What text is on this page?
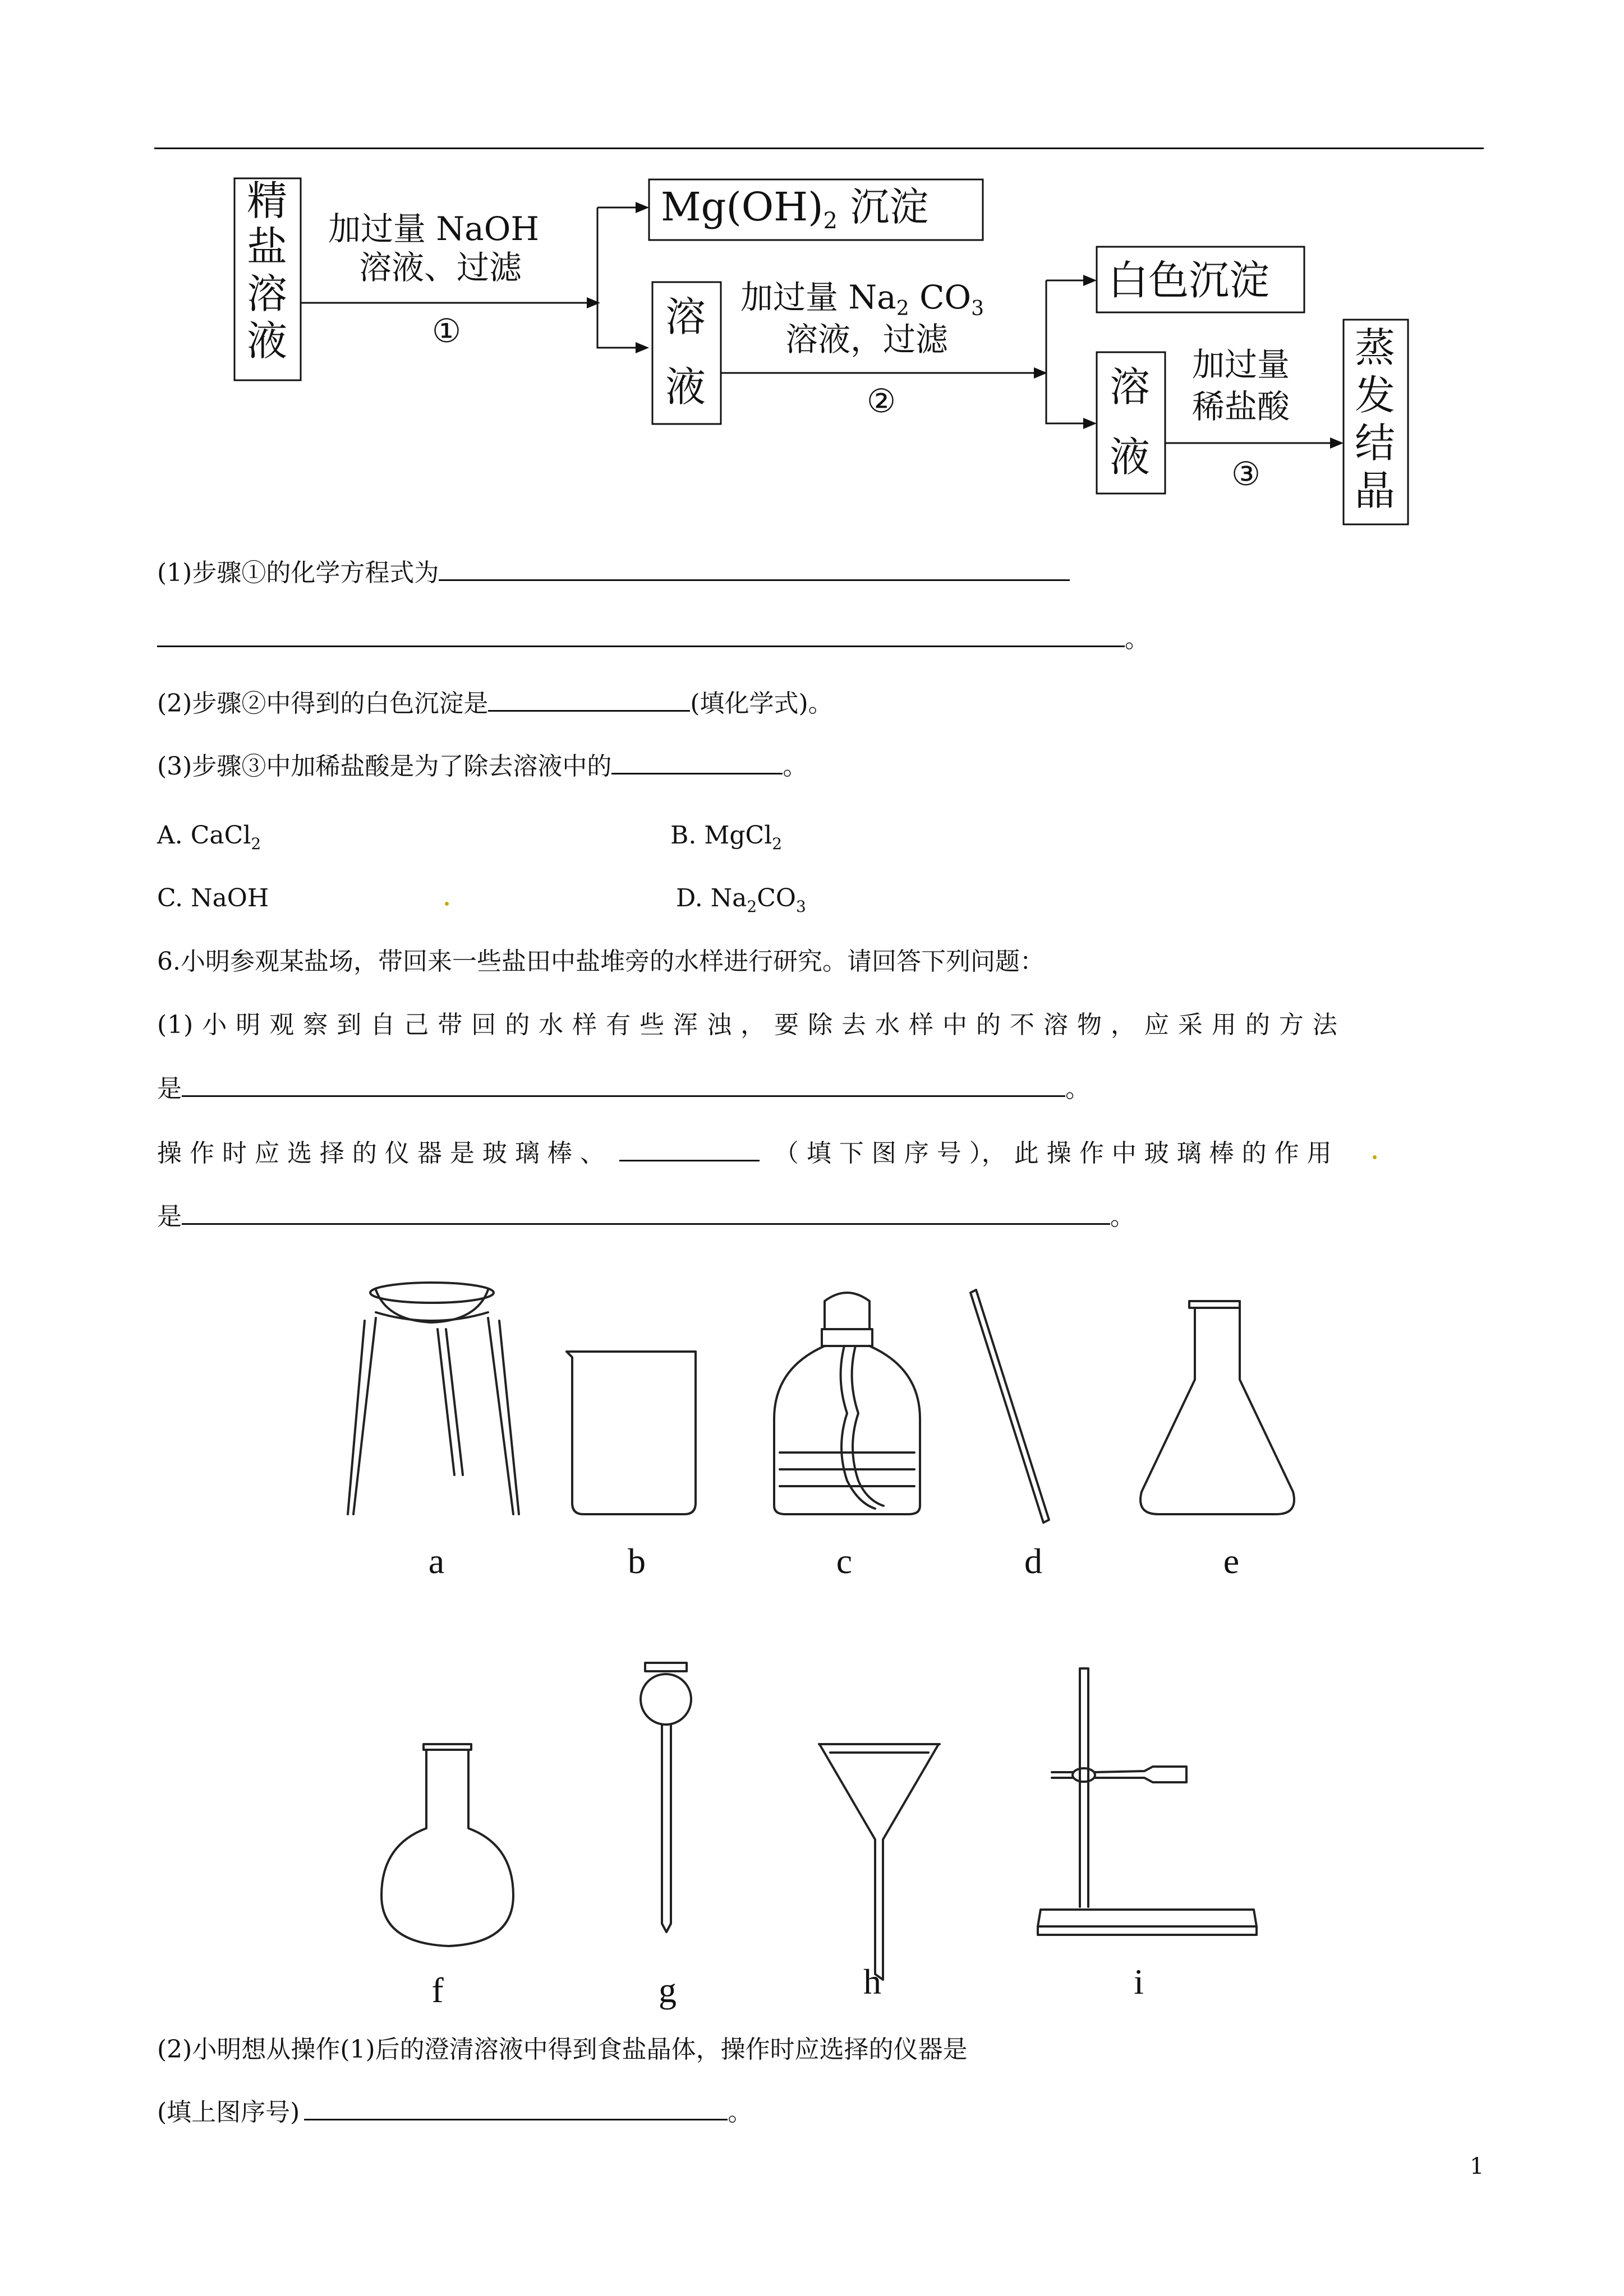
精
盐
溶
液
加过量 NaOH
溶液、过滤
①
$Mg(OH)_2$ 沉淀
溶
液
加过量 $Na_2$ $CO_3$
溶液，过滤
②
白色沉淀
溶
液
加过量
稀盐酸
③
蒸
发
结
晶
(1)步骤①的化学方程式为
。
(2)步骤②中得到的白色沉淀是	(填化学式)。
(3)步骤③中加稀盐酸是为了除去溶液中的	。
A. CaCl$_2$	B. MgCl$_2$
C. NaOH	D. $Na_2CO_3$
6.小明参观某盐场，带回来一些盐田中盐堆旁的水样进行研究。请回答下列问题：
(1) 小 明 观 察 到 自 己 带 回 的 水 样 有 些 浑 浊 ， 要 除 去 水 样 中 的 不 溶 物 ， 应 采 用 的 方 法
是	。
操 作 时 应 选 择 的 仪 器 是 玻 璃 棒 、	（ 填 下 图 序 号 ）， 此 操 作 中 玻 璃 棒 的 作 用
是	。
a	b	c	d	e
f	g	h	i
(2)小明想从操作(1)后的澄清溶液中得到食盐晶体，操作时应选择的仪器是
(填上图序号)	。
1
